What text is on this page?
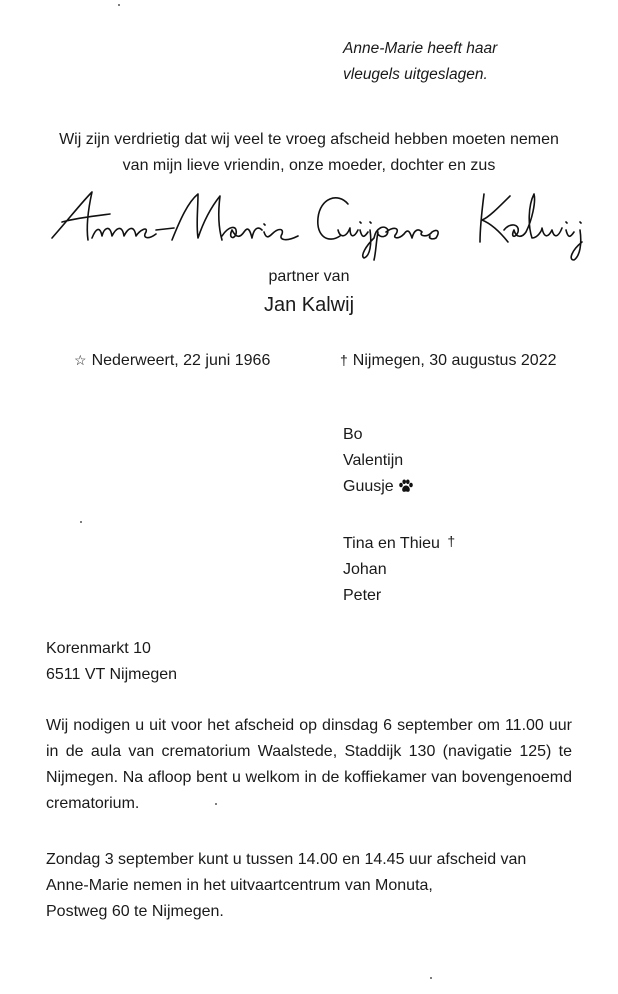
Anne-Marie heeft haar
vleugels uitgeslagen.
Wij zijn verdrietig dat wij veel te vroeg afscheid hebben moeten nemen
van mijn lieve vriendin, onze moeder, dochter en zus
partner van
Jan Kalwij
☆ Nederweert, 22 juni 1966	† Nijmegen, 30 augustus 2022
Bo
Valentijn
Guusje
Tina en Thieu †
Johan
Peter
Korenmarkt 10
6511 VT Nijmegen
Wij nodigen u uit voor het afscheid op dinsdag 6 september om 11.00 uur in de aula van crematorium Waalstede, Staddijk 130 (navigatie 125) te Nijmegen. Na afloop bent u welkom in de koffiekamer van bovengenoemd crematorium.
Zondag 3 september kunt u tussen 14.00 en 14.45 uur afscheid van
Anne-Marie nemen in het uitvaartcentrum van Monuta,
Postweg 60 te Nijmegen.
